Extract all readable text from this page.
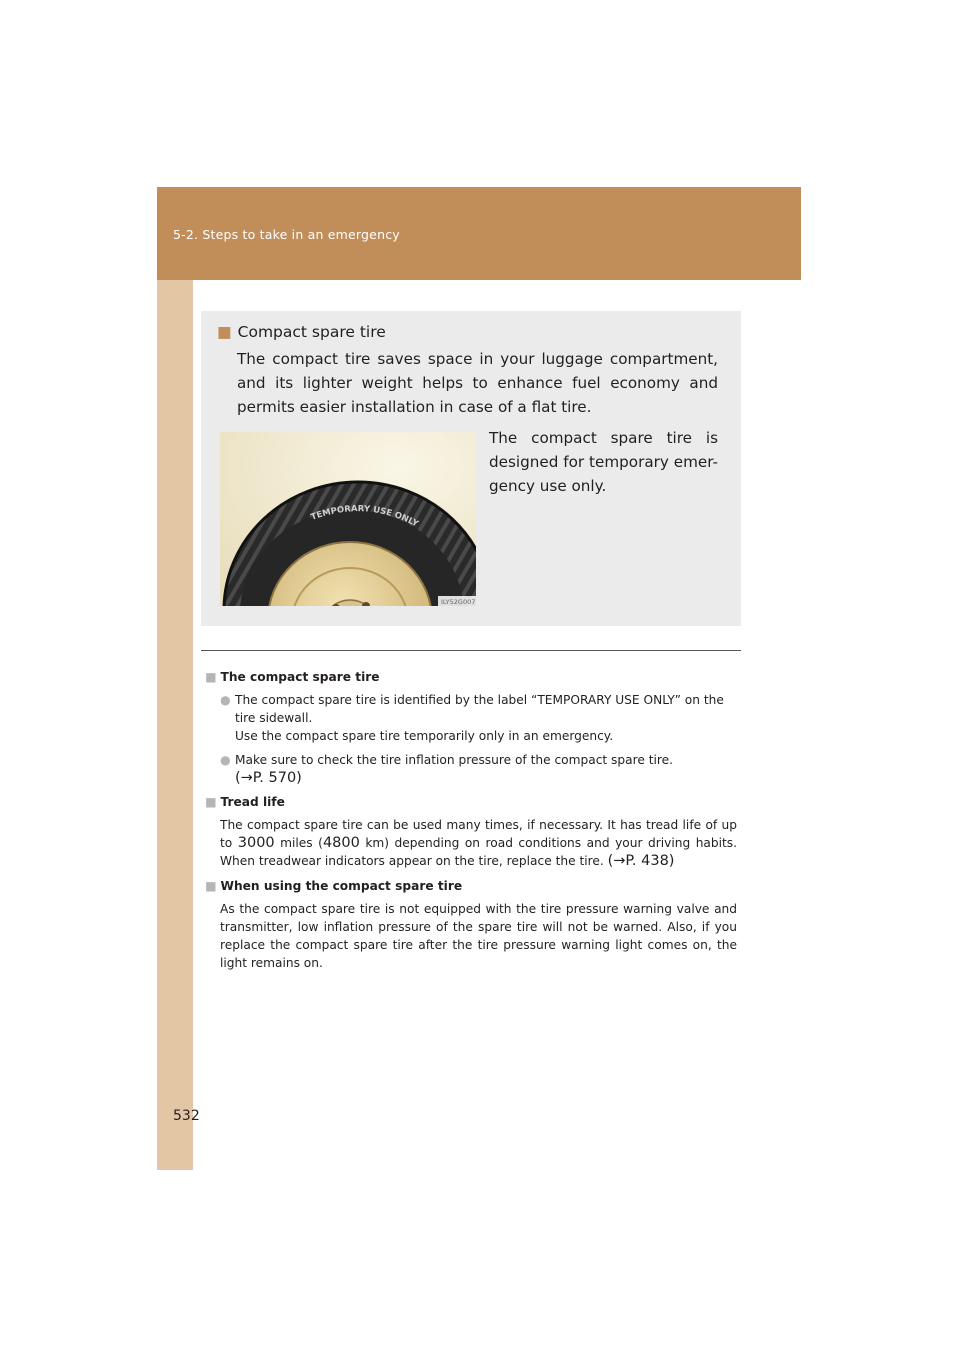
5-2. Steps to take in an emergency
■ Compact spare tire
The compact tire saves space in your luggage compartment, and its lighter weight helps to enhance fuel economy and permits easier installation in case of a flat tire.
TEMPORARY USE ONLY
ILY52G007
The compact spare tire is designed for temporary emer-gency use only.
■ The compact spare tire
● The compact spare tire is identified by the label “TEMPORARY USE ONLY” on the tire sidewall.

Use the compact spare tire temporarily only in an emergency.

● Make sure to check the tire inflation pressure of the compact spare tire.

(→P. 570)

■ Tread life

The compact spare tire can be used many times, if necessary. It has tread life of up to 3000 miles (4800 km) depending on road conditions and your driving habits. When treadwear indicators appear on the tire, replace the tire. (→P. 438)

■ When using the compact spare tire

As the compact spare tire is not equipped with the tire pressure warning valve and transmitter, low inflation pressure of the spare tire will not be warned. Also, if you replace the compact spare tire after the tire pressure warning light comes on, the light remains on.

532
